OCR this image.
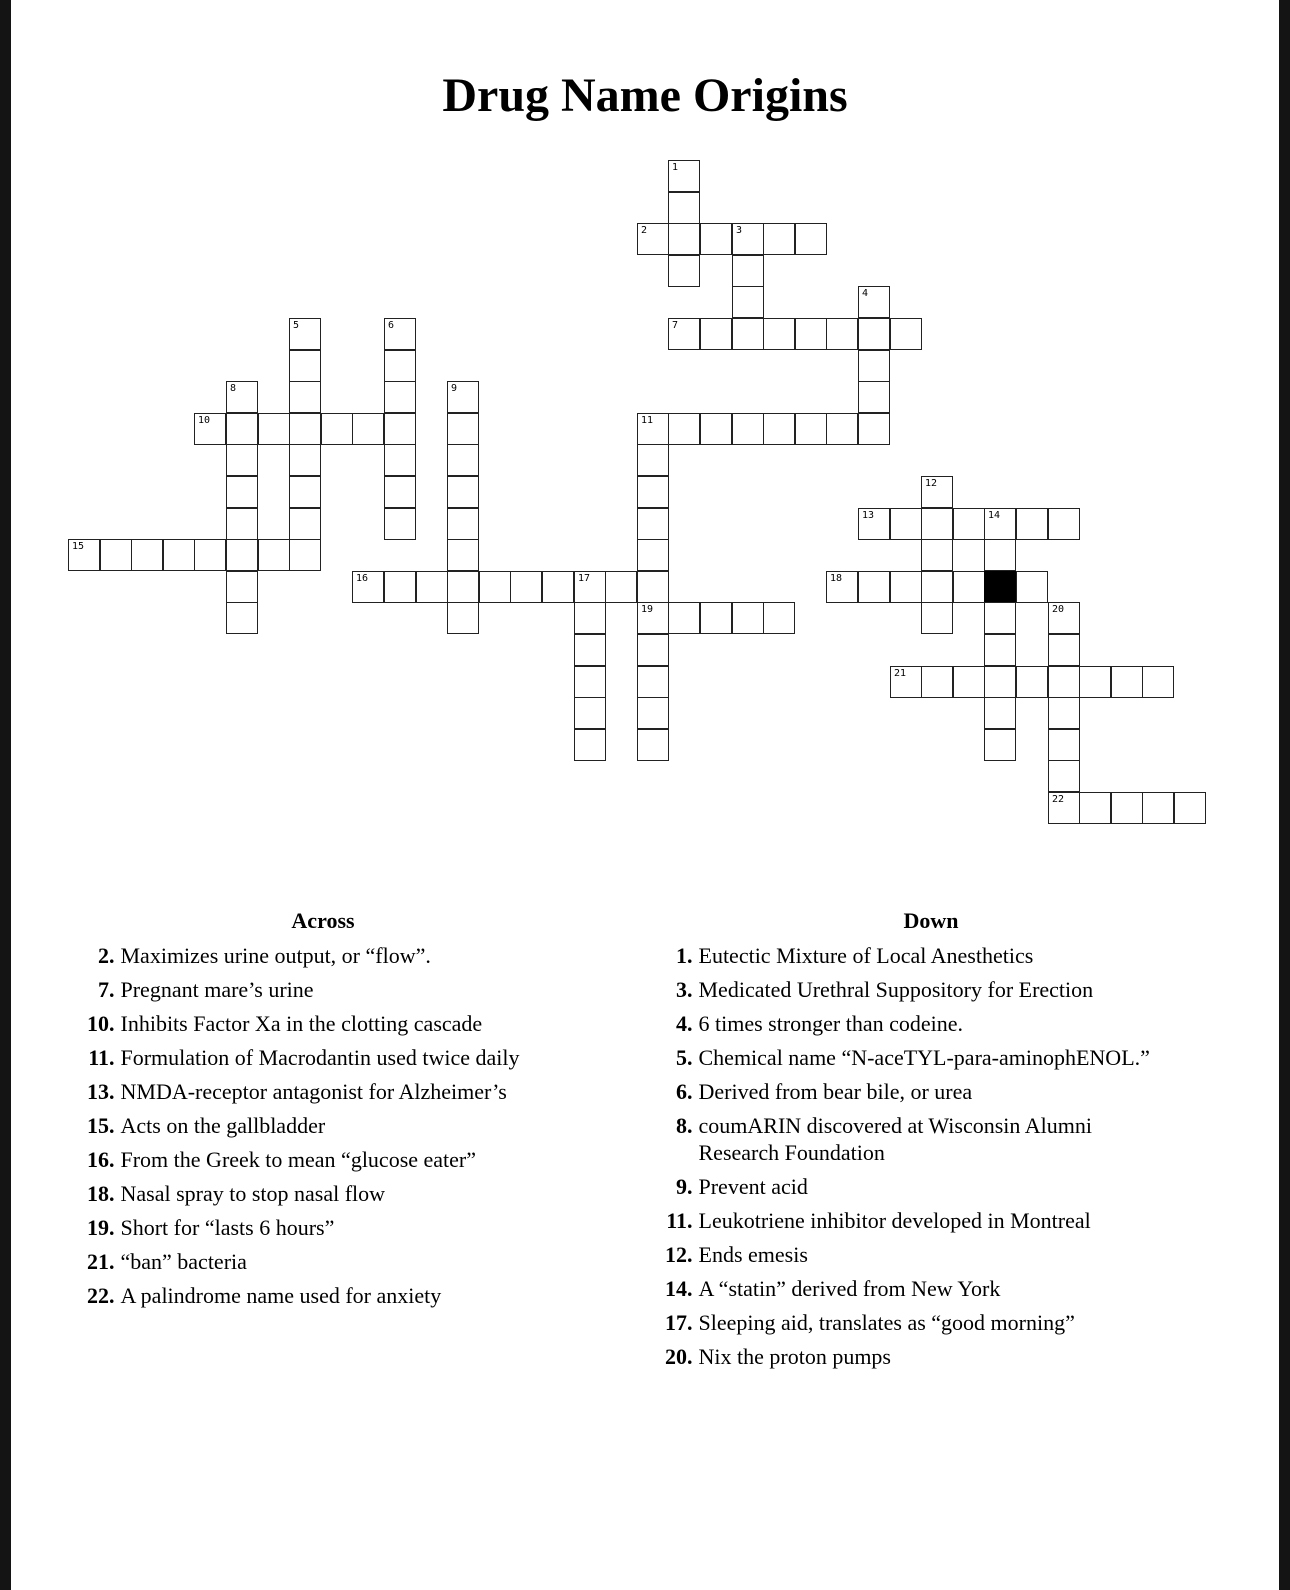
Drug Name Origins
2	3
7
10	11
13	14
15
16	17	18
19
21
22
1
4
5	6
8	9
12
20
Across
2 . Maximizes urine output, or “flow”.
7 . Pregnant mare’s urine
10 . Inhibits Factor Xa in the clotting cascade
11 . Formulation of Macrodantin used twice daily
13 . NMDA-receptor antagonist for Alzheimer’s
15 . Acts on the gallbladder
16 . From the Greek to mean “glucose eater”
18 . Nasal spray to stop nasal flow
19 . Short for “lasts 6 hours”
21 . “ban” bacteria
22 . A palindrome name used for anxiety
Down
1 . Eutectic Mixture of Local Anesthetics
3 . Medicated Urethral Suppository for Erection
4 . 6 times stronger than codeine.
5 . Chemical name “N-aceTYL-para-aminophENOL.”
6 . Derived from bear bile, or urea
8 . coumARIN discovered at Wisconsin Alumni Research Foundation
9 . Prevent acid
11 . Leukotriene inhibitor developed in Montreal
12 . Ends emesis
14 . A “statin” derived from New York
17 . Sleeping aid, translates as “good morning”
20 . Nix the proton pumps
